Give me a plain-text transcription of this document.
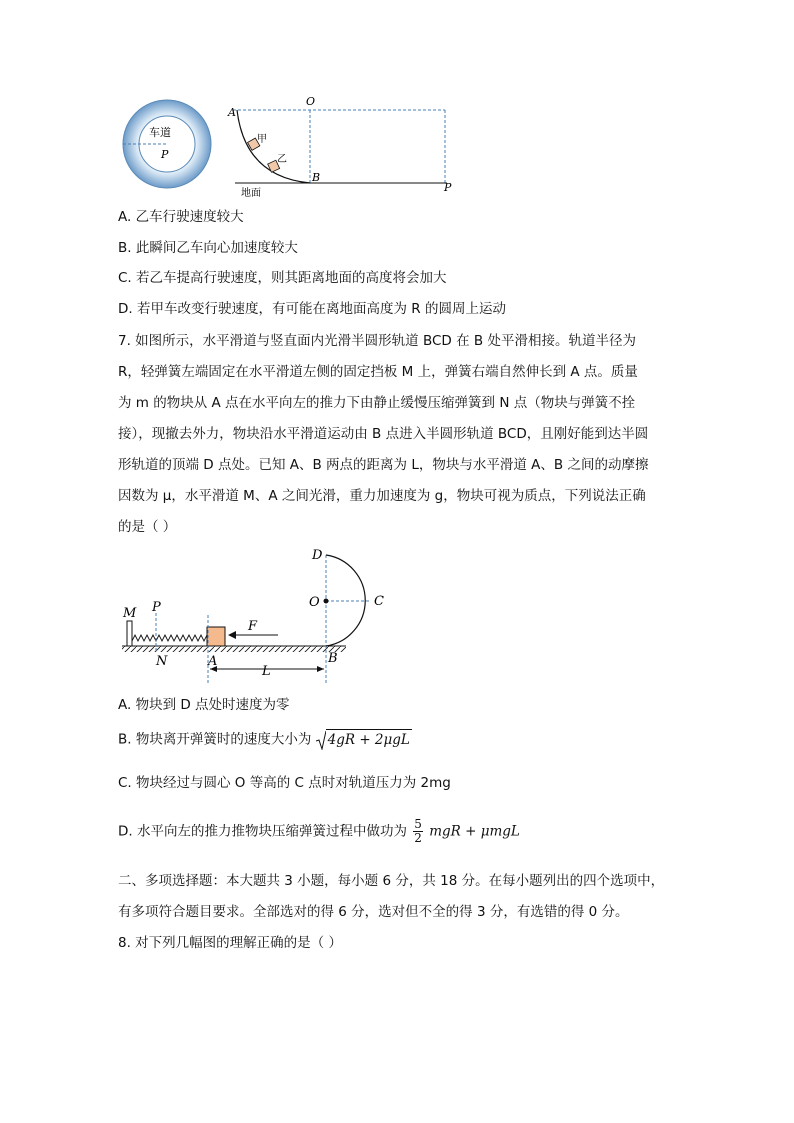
车道
P
A
O
甲
乙
B
P
地面
A. 乙车行驶速度较大
B. 此瞬间乙车向心加速度较大
C. 若乙车提高行驶速度，则其距离地面的高度将会加大
D. 若甲车改变行驶速度，有可能在离地面高度为 R 的圆周上运动
7. 如图所示，水平滑道与竖直面内光滑半圆形轨道 BCD 在 B 处平滑相接。轨道半径为
R，轻弹簧左端固定在水平滑道左侧的固定挡板 M 上，弹簧右端自然伸长到 A 点。质量
为 m 的物块从 A 点在水平向左的推力下由静止缓慢压缩弹簧到 N 点（物块与弹簧不拴
接），现撤去外力，物块沿水平滑道运动由 B 点进入半圆形轨道 BCD，且刚好能到达半圆
形轨道的顶端 D 点处。已知 A、B 两点的距离为 L，物块与水平滑道 A、B 之间的动摩擦
因数为 μ，水平滑道 M、A 之间光滑，重力加速度为 g，物块可视为质点，下列说法正确
的是（ ）
D
O	C
M P
F
N	A
L
B
A. 物块到 D 点处时速度为零
B. 物块离开弹簧时的速度大小为 4gR + 2μgL
C. 物块经过与圆心 O 等高的 C 点时对轨道压力为 2mg
D. 水平向左的推力推物块压缩弹簧过程中做功为 $\frac{5}{2}$ mgR + μmgL
二、多项选择题：本大题共 3 小题，每小题 6 分，共 18 分。在每小题列出的四个选项中，
有多项符合题目要求。全部选对的得 6 分，选对但不全的得 3 分，有选错的得 0 分。
8. 对下列几幅图的理解正确的是（ ）
